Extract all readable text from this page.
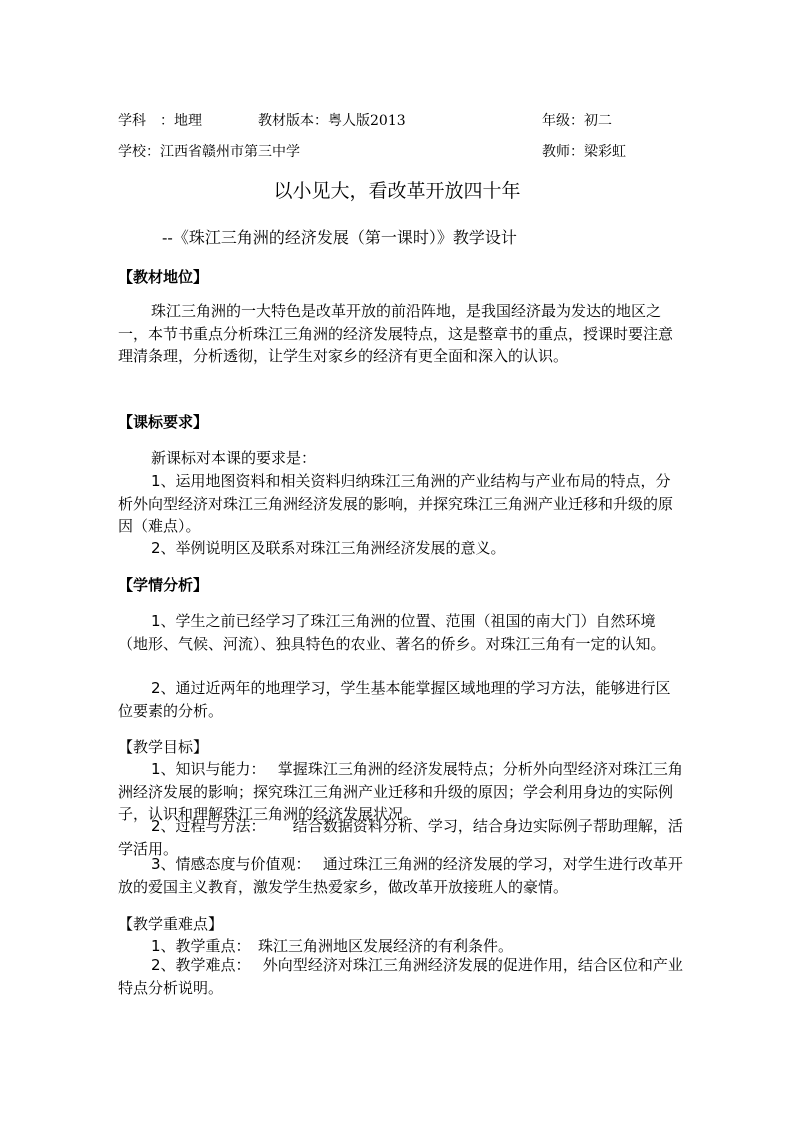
学科　：地理	教材版本：粤人版2013	年级：初二
学校：江西省赣州市第三中学	教师：梁彩虹
以小见大，看改革开放四十年
--《珠江三角洲的经济发展（第一课时）》教学设计
【教材地位】

珠江三角洲的一大特色是改革开放的前沿阵地，是我国经济最为发达的地区之一，本节书重点分析珠江三角洲的经济发展特点，这是整章书的重点，授课时要注意理清条理，分析透彻，让学生对家乡的经济有更全面和深入的认识。

【课标要求】

新课标对本课的要求是：

1、运用地图资料和相关资料归纳珠江三角洲的产业结构与产业布局的特点，分析外向型经济对珠江三角洲经济发展的影响，并探究珠江三角洲产业迁移和升级的原因（难点）。

2、举例说明区及联系对珠江三角洲经济发展的意义。

【学情分析】

1、学生之前已经学习了珠江三角洲的位置、范围（祖国的南大门）自然环境（地形、气候、河流）、独具特色的农业、著名的侨乡。对珠江三角有一定的认知。

2、通过近两年的地理学习，学生基本能掌握区域地理的学习方法，能够进行区位要素的分析。

【教学目标】

1、知识与能力：　 掌握珠江三角洲的经济发展特点；分析外向型经济对珠江三角洲经济发展的影响；探究珠江三角洲产业迁移和升级的原因；学会利用身边的实际例子，认识和理解珠江三角洲的经济发展状况。

2、过程与方法：　　 结合数据资料分析、学习，结合身边实际例子帮助理解，活学活用。

3、情感态度与价值观：　 通过珠江三角洲的经济发展的学习，对学生进行改革开放的爱国主义教育，激发学生热爱家乡，做改革开放接班人的豪情。

【教学重难点】

1、教学重点：　珠江三角洲地区发展经济的有利条件。

2、教学难点：　 外向型经济对珠江三角洲经济发展的促进作用，结合区位和产业特点分析说明。
